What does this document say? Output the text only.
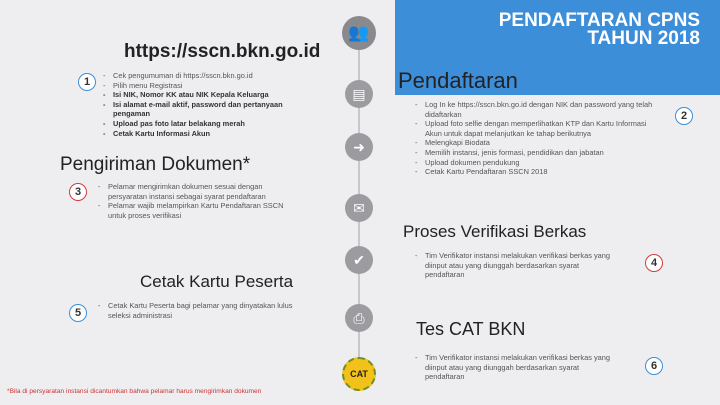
PENDAFTARAN CPNS
TAHUN 2018
https://sscn.bkn.go.id
👥
▤
➜
✉
✔
⎙
CAT
1
- Cek pengumuman di https://sscn.bkn.go.id
- Pilih menu Registrasi
- Isi NIK, Nomor KK atau NIK Kepala Keluarga
- Isi alamat e-mail aktif, password dan pertanyaan pengaman
- Upload pas foto latar belakang merah
- Cetak Kartu Informasi Akun
Pendaftaran
2
- Log In ke https://sscn.bkn.go.id dengan NIK dan password yang telah didaftarkan
- Upload foto selfie dengan memperlihatkan KTP dan Kartu Informasi Akun untuk dapat melanjutkan ke tahap berikutnya
- Melengkapi Biodata
- Memilih instansi, jenis formasi, pendidikan dan jabatan
- Upload dokumen pendukung
- Cetak Kartu Pendaftaran SSCN 2018
Pengiriman Dokumen*
3
-	Pelamar mengirimkan dokumen sesuai dengan persyaratan instansi sebagai syarat pendaftaran
- Pelamar wajib melampirkan Kartu Pendaftaran SSCN untuk proses verifikasi
Proses Verifikasi Berkas
4
- Tim Verifikator instansi melakukan verifikasi berkas yang diinput atau yang diunggah berdasarkan syarat pendaftaran
Cetak Kartu Peserta
5
- Cetak Kartu Peserta bagi pelamar yang dinyatakan lulus seleksi administrasi
Tes CAT BKN
6
- Tim Verifikator instansi melakukan verifikasi berkas yang diinput atau yang diunggah berdasarkan syarat pendaftaran
*Bila di persyaratan instansi dicantumkan bahwa pelamar harus mengirimkan dokumen
